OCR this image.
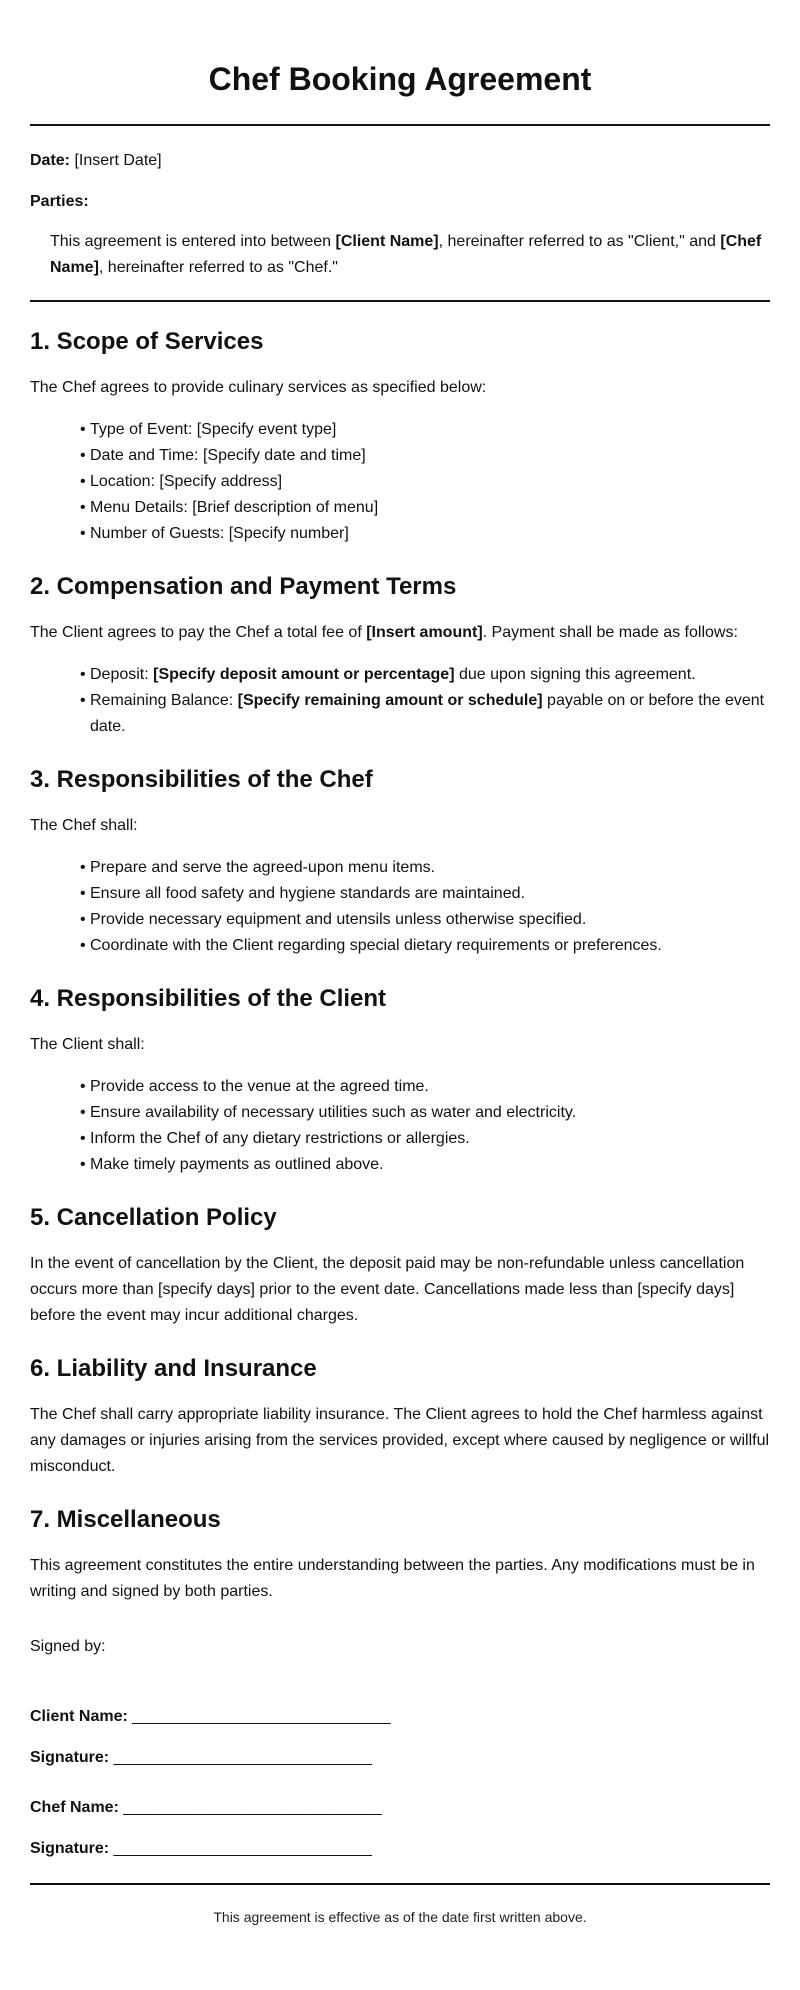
Chef Booking Agreement

Date: [Insert Date]

Parties:

This agreement is entered into between [Client Name], hereinafter referred to as "Client," and [Chef Name], hereinafter referred to as "Chef."

1. Scope of Services

The Chef agrees to provide culinary services as specified below:

• Type of Event: [Specify event type]
• Date and Time: [Specify date and time]
• Location: [Specify address]
• Menu Details: [Brief description of menu]
• Number of Guests: [Specify number]
2. Compensation and Payment Terms

The Client agrees to pay the Chef a total fee of [Insert amount]. Payment shall be made as follows:

• Deposit: [Specify deposit amount or percentage] due upon signing this agreement.
• Remaining Balance: [Specify remaining amount or schedule] payable on or before the event date.
3. Responsibilities of the Chef

The Chef shall:

• Prepare and serve the agreed-upon menu items.
• Ensure all food safety and hygiene standards are maintained.
• Provide necessary equipment and utensils unless otherwise specified.
• Coordinate with the Client regarding special dietary requirements or preferences.
4. Responsibilities of the Client

The Client shall:

• Provide access to the venue at the agreed time.
• Ensure availability of necessary utilities such as water and electricity.
• Inform the Chef of any dietary restrictions or allergies.
• Make timely payments as outlined above.
5. Cancellation Policy

In the event of cancellation by the Client, the deposit paid may be non-refundable unless cancellation occurs more than [specify days] prior to the event date. Cancellations made less than [specify days] before the event may incur additional charges.

6. Liability and Insurance

The Chef shall carry appropriate liability insurance. The Client agrees to hold the Chef harmless against any damages or injuries arising from the services provided, except where caused by negligence or willful misconduct.

7. Miscellaneous

This agreement constitutes the entire understanding between the parties. Any modifications must be in writing and signed by both parties.

Signed by:

Client Name: ______________________________

Signature: ______________________________

Chef Name: ______________________________

Signature: ______________________________

This agreement is effective as of the date first written above.
